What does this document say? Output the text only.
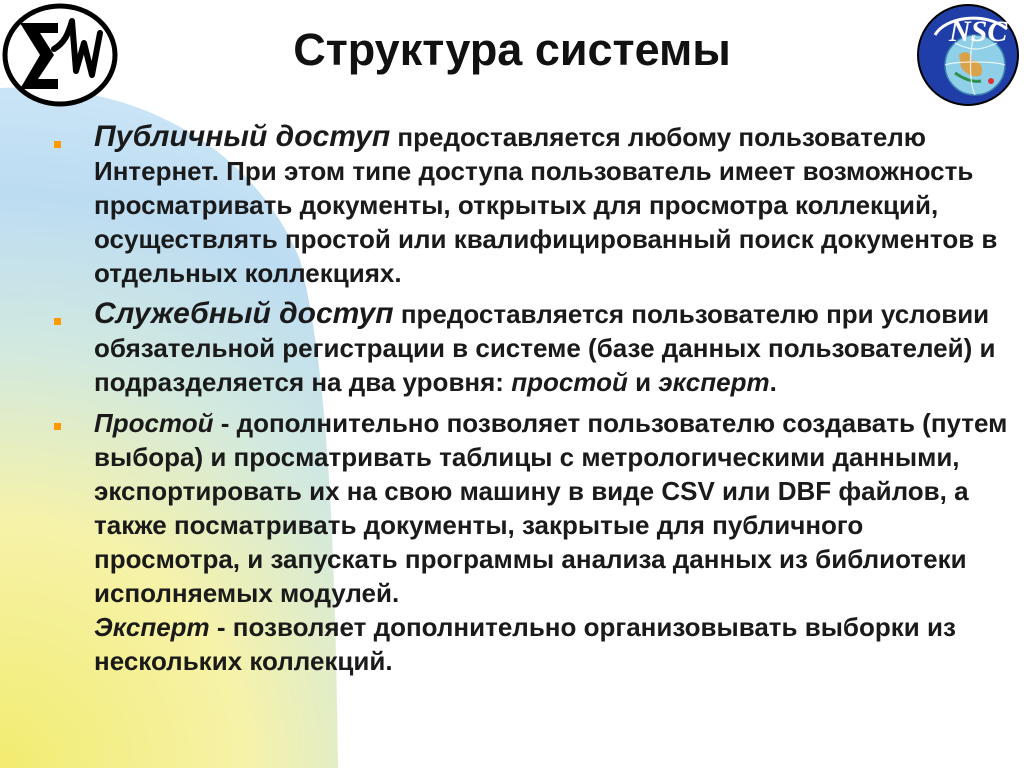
Структура системы	NSC

Публичный доступ предоставляется любому пользователю Интернет. При этом типе доступа пользователь имеет возможность просматривать документы, открытых для просмотра коллекций, осуществлять простой или квалифицированный поиск документов в отдельных коллекциях.

Служебный доступ предоставляется пользователю при условии обязательной регистрации в системе (базе данных пользователей) и подразделяется на два уровня: простой и эксперт.

Простой - дополнительно позволяет пользователю создавать (путем выбора) и просматривать таблицы с метрологическими данными, экспортировать их на свою машину в виде CSV или DBF файлов, а также посматривать документы, закрытые для публичного просмотра, и запускать программы анализа данных из библиотеки исполняемых модулей.

Эксперт - позволяет дополнительно организовывать выборки из нескольких коллекций.
